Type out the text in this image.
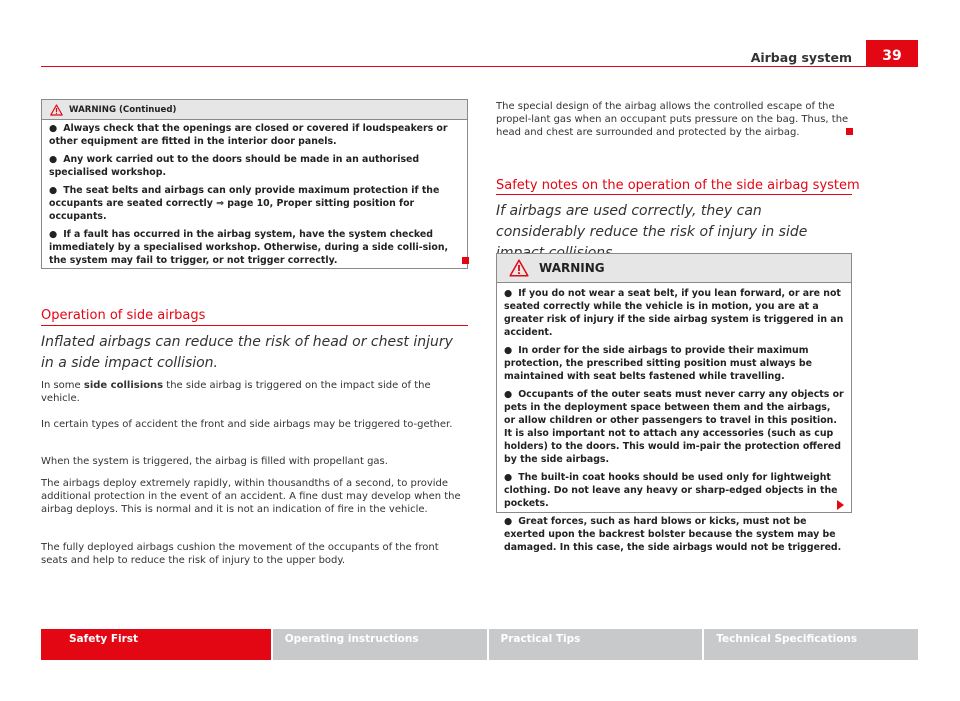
Airbag system	39
WARNING (Continued)

● Always check that the openings are closed or covered if loudspeakers or other equipment are fitted in the interior door panels.

● Any work carried out to the doors should be made in an authorised specialised workshop.

● The seat belts and airbags can only provide maximum protection if the occupants are seated correctly ⇒ page 10, Proper sitting position for occupants.

● If a fault has occurred in the airbag system, have the system checked immediately by a specialised workshop. Otherwise, during a side colli-sion, the system may fail to trigger, or not trigger correctly.

Operation of side airbags
Inflated airbags can reduce the risk of head or chest injury in a side impact collision.

In some side collisions the side airbag is triggered on the impact side of the vehicle.

In certain types of accident the front and side airbags may be triggered to-gether.

When the system is triggered, the airbag is filled with propellant gas.

The airbags deploy extremely rapidly, within thousandths of a second, to provide additional protection in the event of an accident. A fine dust may develop when the airbag deploys. This is normal and it is not an indication of fire in the vehicle.

The fully deployed airbags cushion the movement of the occupants of the front seats and help to reduce the risk of injury to the upper body.

The special design of the airbag allows the controlled escape of the propel-lant gas when an occupant puts pressure on the bag. Thus, the head and chest are surrounded and protected by the airbag.

Safety notes on the operation of the side airbag system
If airbags are used correctly, they can considerably reduce the risk of injury in side
WARNING

● If you do not wear a seat belt, if you lean forward, or are not seated correctly while the vehicle is in motion, you are at a greater risk of injury if the side airbag system is triggered in an accident.

● In order for the side airbags to provide their maximum protection, the prescribed sitting position must always be maintained with seat belts fastened while travelling.

● Occupants of the outer seats must never carry any objects or pets in the deployment space between them and the airbags, or allow children or other passengers to travel in this position. It is also important not to attach any accessories (such as cup holders) to the doors. This would im-pair the protection offered by the side airbags.

● The built-in coat hooks should be used only for lightweight clothing. Do not leave any heavy or sharp-edged objects in the pockets.

● Great forces, such as hard blows or kicks, must not be exerted upon the backrest bolster because the system may be damaged. In this case, the side airbags would not be triggered.

Safety First	Operating instructions	Practical Tips	Technical Specifications
